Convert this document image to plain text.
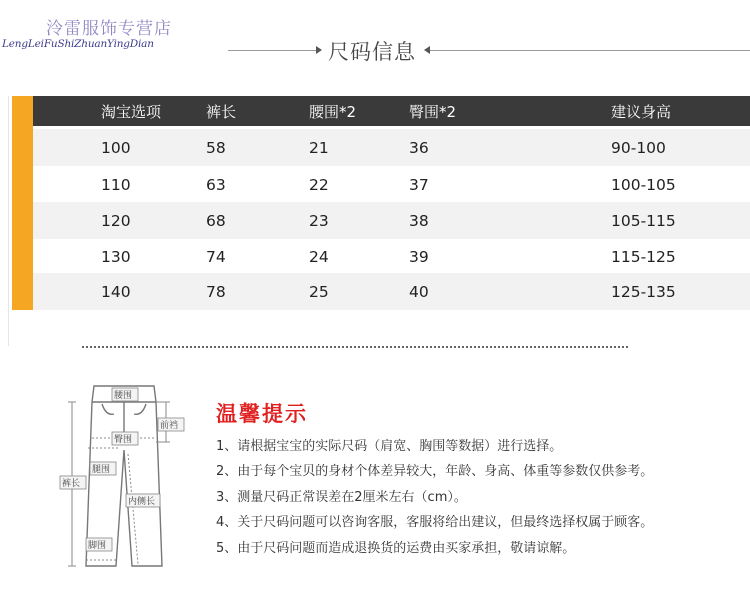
泠雷服饰专营店
LengLeiFuShiZhuanYingDian	尺码信息
淘宝选项	裤长	腰围*2	臀围*2	建议身高
100	58	21	36	90-100
110	63	22	37	100-105
120	68	23	38	105-115
130	74	24	39	115-125
140	78	25	40	125-135
腰围
前裆
臀围
腿围
裤长
内侧长
脚围
温馨提示
1、请根据宝宝的实际尺码（肩宽、胸围等数据）进行选择。
2、由于每个宝贝的身材个体差异较大，年龄、身高、体重等参数仅供参考。
3、测量尺码正常误差在2厘米左右（cm）。
4、关于尺码问题可以咨询客服，客服将给出建议，但最终选择权属于顾客。
5、由于尺码问题而造成退换货的运费由买家承担，敬请谅解。
